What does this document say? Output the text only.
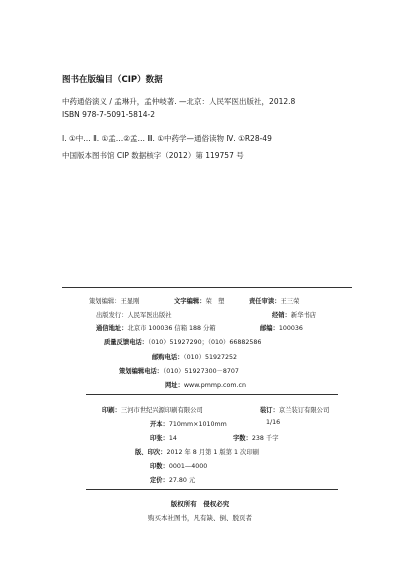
图书在版编目（CIP）数据
中药通俗演义 / 孟琳升，孟仲岐著. —北京：人民军医出版社，2012.8
ISBN 978-7-5091-5814-2
Ⅰ. ①中… Ⅱ. ①孟…②孟… Ⅲ. ①中药学—通俗读物 Ⅳ. ①R28-49
中国版本图书馆 CIP 数据核字（2012）第 119757 号
策划编辑：王显刚	文字编辑：荣　塑	责任审读：王三荣
出版发行：人民军医出版社	经销：新华书店
通信地址：北京市 100036 信箱 188 分箱	邮编：100036
质量反馈电话：（010）51927290；（010）66882586
邮购电话：（010）51927252
策划编辑电话：（010）51927300－8707
网址：www.pmmp.com.cn
印刷：三河市世纪兴源印刷有限公司	装订：京兰装订有限公司
开本：710mm×1010mm	1/16
印张：14	字数：238 千字
版、印次：2012 年 8 月第 1 版第 1 次印刷
印数：0001—4000
定价：27.80 元
版权所有　侵权必究
购买本社图书，凡有缺、倒、脱页者
